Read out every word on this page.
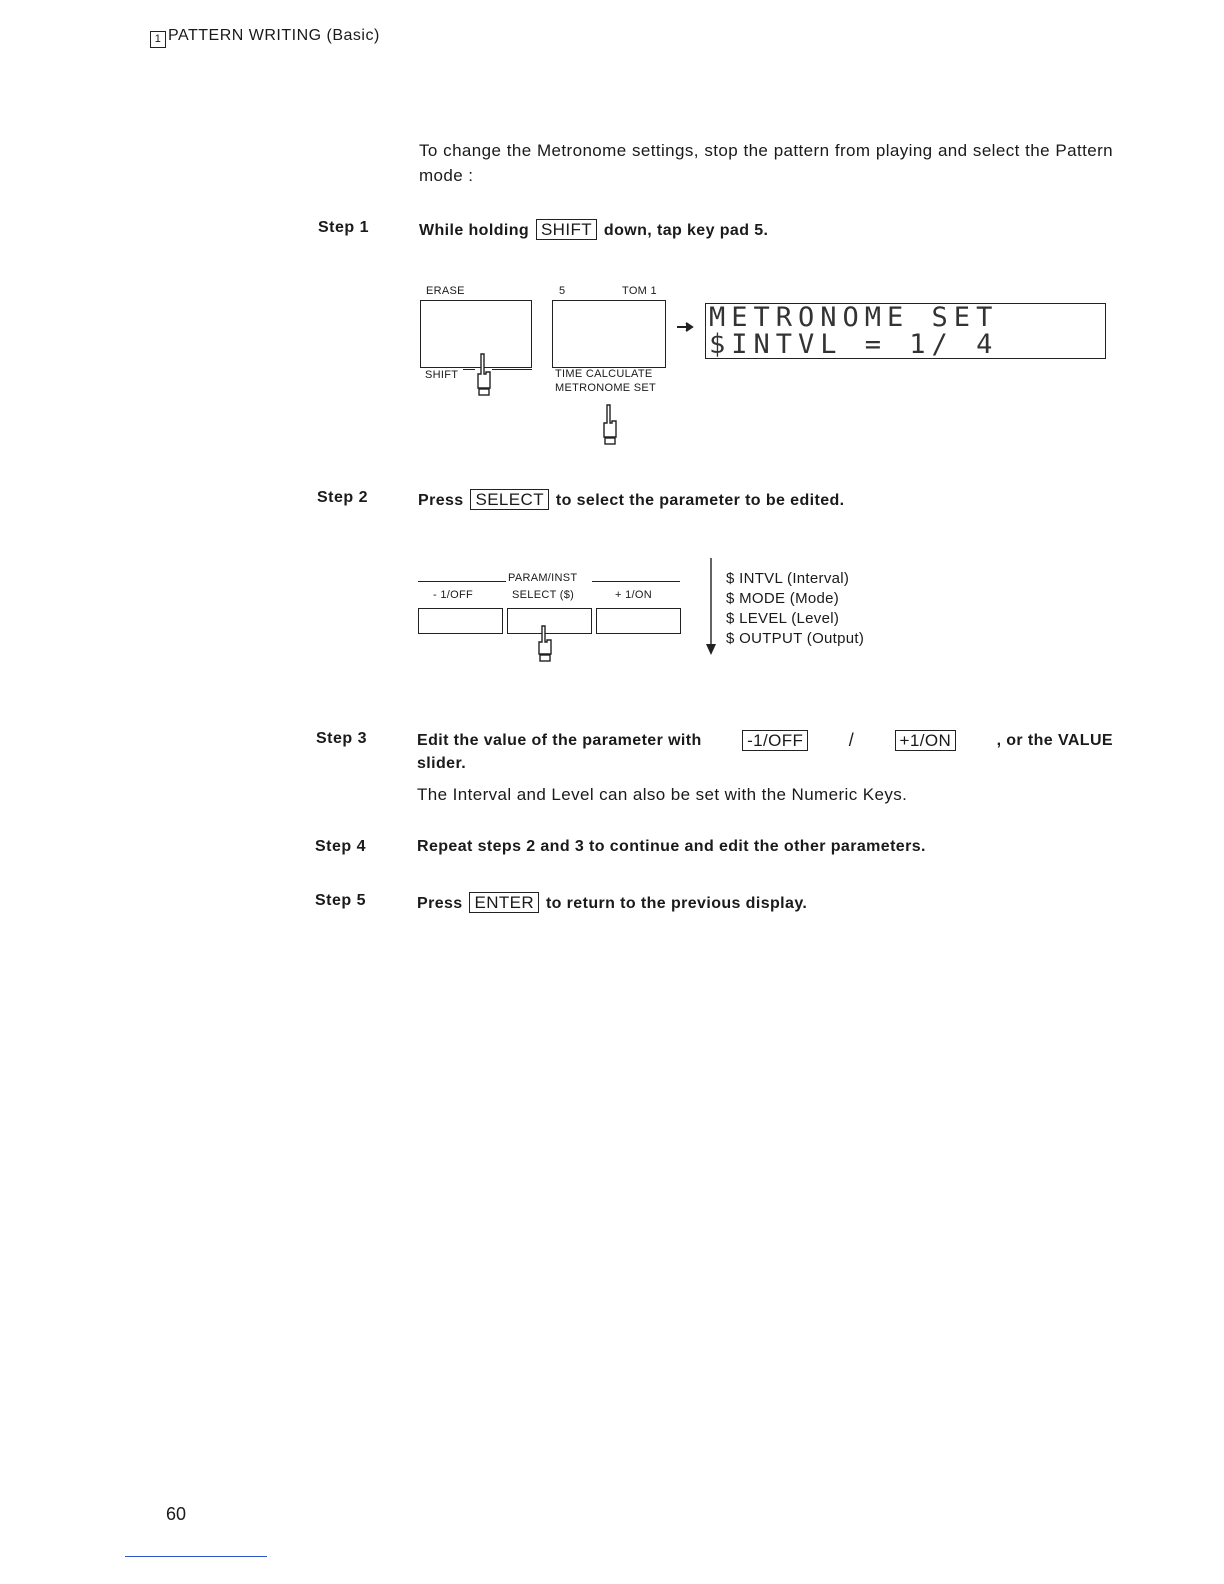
1 PATTERN WRITING (Basic)
To change the Metronome settings, stop the pattern from playing and select the Pattern mode :
Step 1	While holding SHIFT down, tap key pad 5.
ERASE
SHIFT
5	TOM 1
TIME CALCULATE
METRONOME SET
METRONOME SET
$INTVL = 1/ 4
Step 2	Press SELECT to select the parameter to be edited.
PARAM/INST
- 1/OFF	SELECT ($)	+ 1/ON
$ INTVL (Interval)
$ MODE (Mode)
$ LEVEL (Level)
$ OUTPUT (Output)
Step 3	Edit the value of the parameter with	-1/OFF	/	+1/ON	, or the VALUE
slider.
The Interval and Level can also be set with the Numeric Keys.
Step 4	Repeat steps 2 and 3 to continue and edit the other parameters.
Step 5	Press ENTER to return to the previous display.
60
